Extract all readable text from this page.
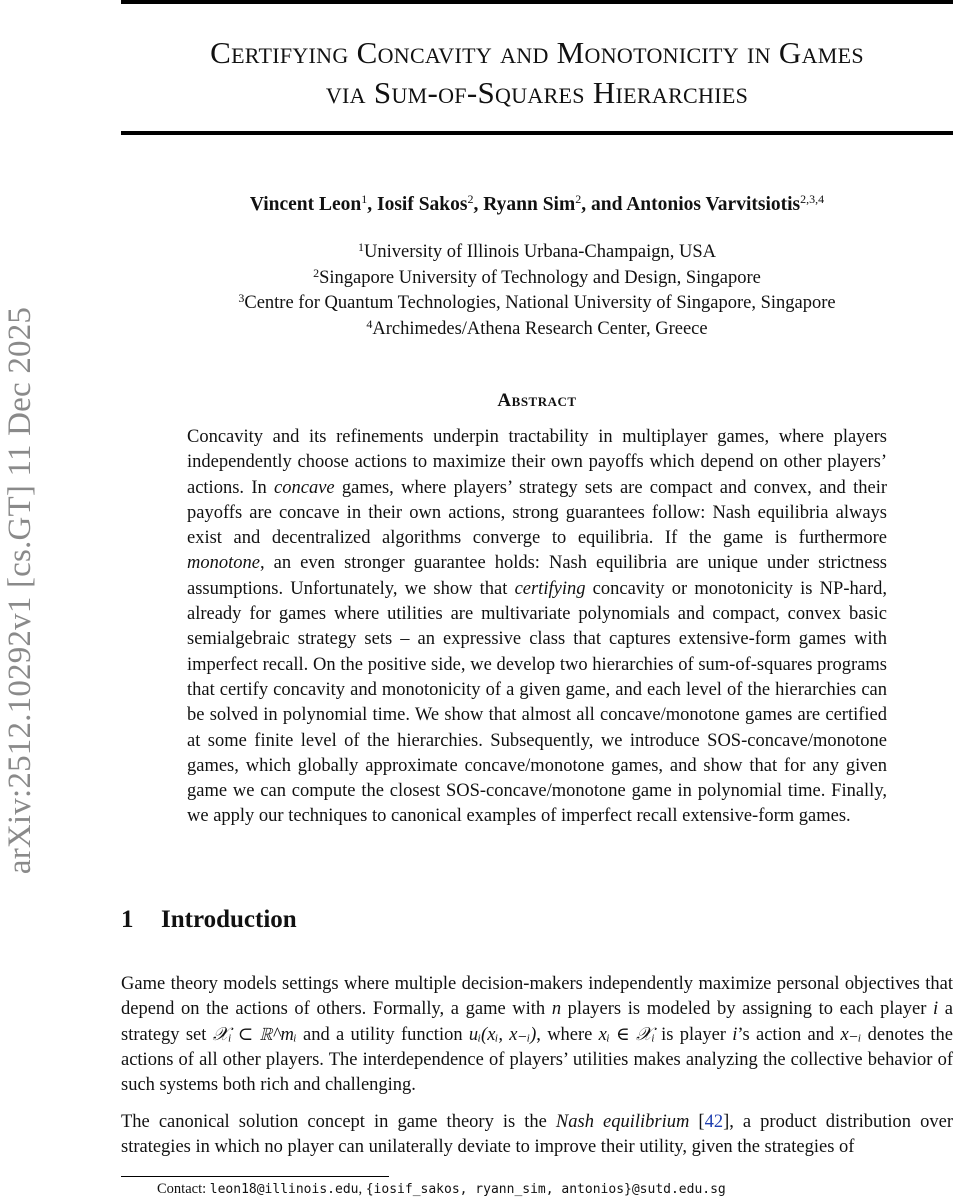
arXiv:2512.10292v1 [cs.GT] 11 Dec 2025
Certifying Concavity and Monotonicity in Games
via Sum-of-Squares Hierarchies
Vincent Leon$^1$, Iosif Sakos$^2$, Ryann Sim$^2$, and Antonios Varvitsiotis$^{2,3,4}$
$^1$University of Illinois Urbana-Champaign, USA
$^2$Singapore University of Technology and Design, Singapore
$^3$Centre for Quantum Technologies, National University of Singapore, Singapore
$^4$Archimedes/Athena Research Center, Greece
Abstract
Concavity and its refinements underpin tractability in multiplayer games, where players independently choose actions to maximize their own payoffs which depend on other players’ actions. In concave games, where players’ strategy sets are compact and convex, and their payoffs are concave in their own actions, strong guarantees follow: Nash equilibria always exist and decentralized algorithms converge to equilibria. If the game is furthermore monotone, an even stronger guarantee holds: Nash equilibria are unique under strictness assumptions. Unfortunately, we show that certifying concavity or monotonicity is NP-hard, already for games where utilities are multivariate polynomials and compact, convex basic semialgebraic strategy sets – an expressive class that captures extensive-form games with imperfect recall. On the positive side, we develop two hierarchies of sum-of-squares programs that certify concavity and monotonicity of a given game, and each level of the hierarchies can be solved in polynomial time. We show that almost all concave/monotone games are certified at some finite level of the hierarchies. Subsequently, we introduce SOS-concave/monotone games, which globally approximate concave/monotone games, and show that for any given game we can compute the closest SOS-concave/monotone game in polynomial time. Finally, we apply our techniques to canonical examples of imperfect recall extensive-form games.
1 Introduction
Game theory models settings where multiple decision-makers independently maximize personal objectives that depend on the actions of others. Formally, a game with n players is modeled by assigning to each player i a strategy set 𝒳ᵢ ⊂ ℝ^mᵢ and a utility function uᵢ(xᵢ, x₋ᵢ), where xᵢ ∈ 𝒳ᵢ is player i’s action and x₋ᵢ denotes the actions of all other players. The interdependence of players’ utilities makes analyzing the collective behavior of such systems both rich and challenging.
The canonical solution concept in game theory is the Nash equilibrium [42], a product distribution over strategies in which no player can unilaterally deviate to improve their utility, given the strategies of
Contact: leon18@illinois.edu, {iosif_sakos, ryann_sim, antonios}@sutd.edu.sg
